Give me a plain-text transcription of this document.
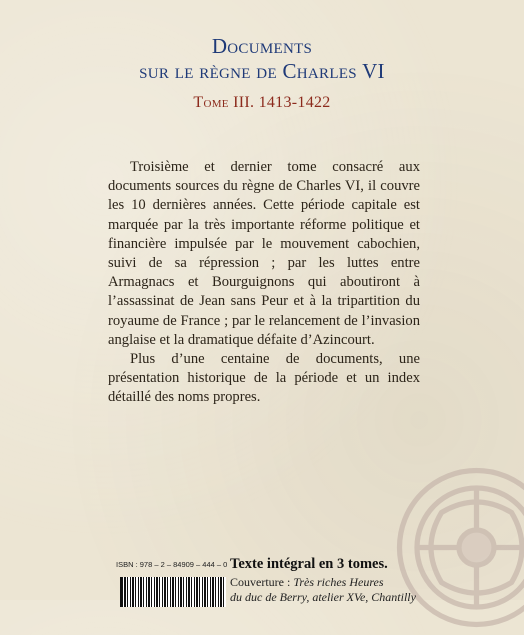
Documents
sur le règne de Charles VI
Tome III. 1413-1422

Troisième et dernier tome consacré aux documents sources du règne de Charles VI, il couvre les 10 dernières années. Cette période capitale est marquée par la très importante réforme politique et financière impulsée par le mouvement cabochien, suivi de sa répression ; par les luttes entre Armagnacs et Bourguignons qui aboutiront à l’assassinat de Jean sans Peur et à la tripartition du royaume de France ; par le relancement de l’invasion anglaise et la dramatique défaite d’Azincourt.

Plus d’une centaine de documents, une présentation historique de la période et un index détaillé des noms propres.

ISBN : 978 – 2 – 84909 – 444 – 0 Texte intégral en 3 tomes.
Couverture : Très riches Heures
du duc de Berry, atelier XVe, Chantilly
